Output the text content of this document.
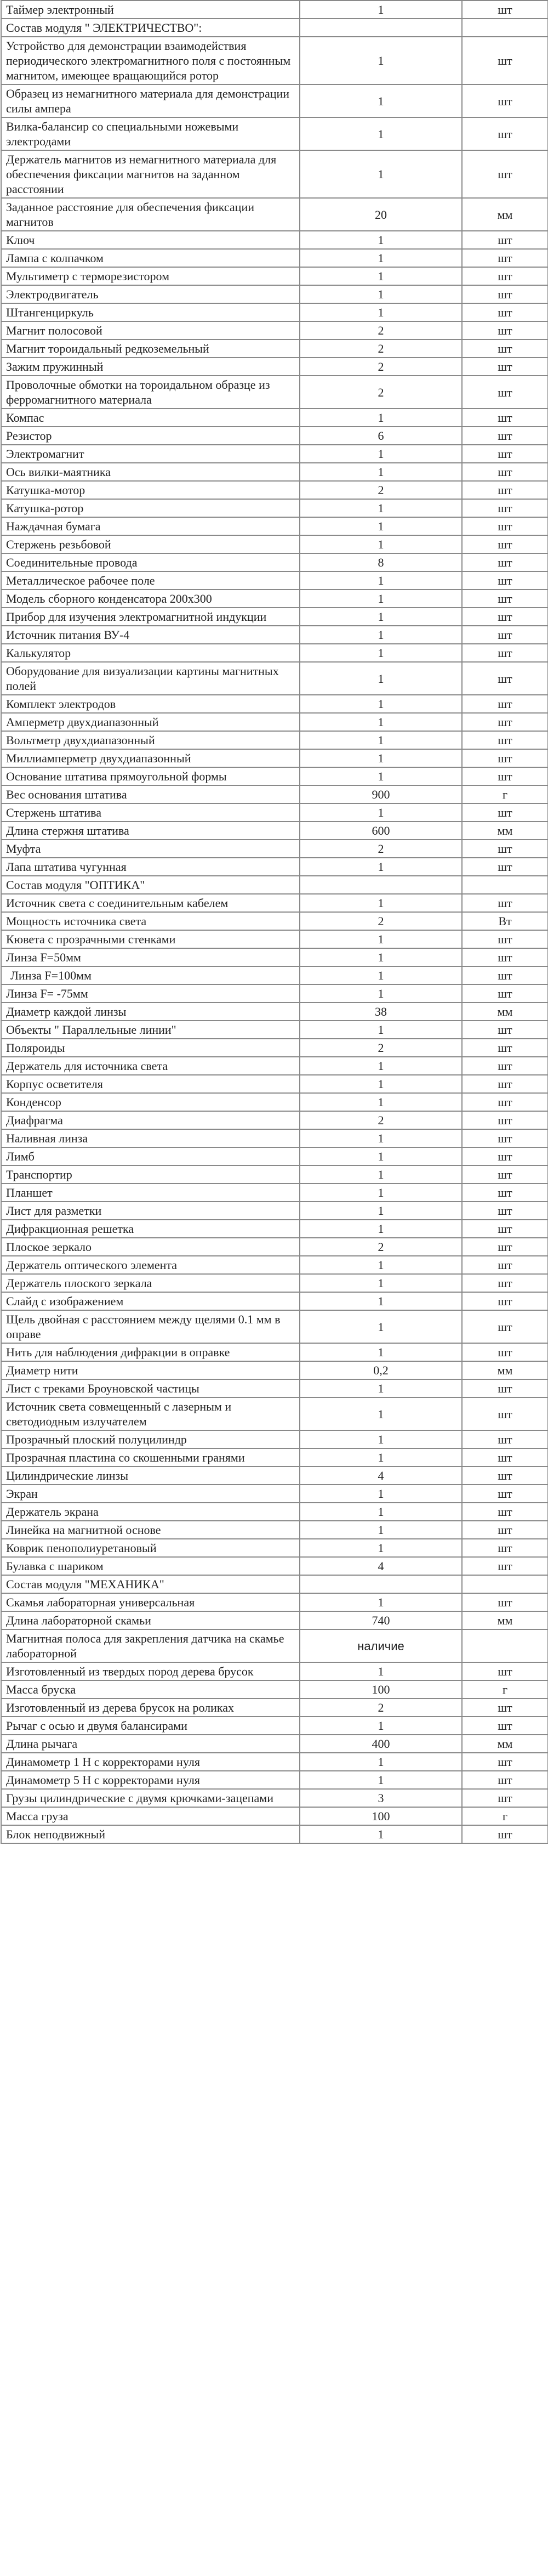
Таймер электронный	1	шт
Состав модуля " ЭЛЕКТРИЧЕСТВО":		
Устройство для демонстрации взаимодействия периодического электромагнитного поля с постоянным магнитом, имеющее вращающийся ротор	1	шт
Образец из немагнитного материала для демонстрации силы ампера	1	шт
Вилка-балансир со специальными ножевыми электродами	1	шт
Держатель магнитов из немагнитного материала для обеспечения фиксации магнитов на заданном расстоянии	1	шт
Заданное расстояние для обеспечения фиксации магнитов	20	мм
Ключ	1	шт
Лампа с колпачком	1	шт
Мультиметр с терморезистором	1	шт
Электродвигатель	1	шт
Штангенциркуль	1	шт
Магнит полосовой	2	шт
Магнит тороидальный редкоземельный	2	шт
Зажим пружинный	2	шт
Проволочные обмотки на тороидальном образце из ферромагнитного материала	2	шт
Компас	1	шт
Резистор	6	шт
Электромагнит	1	шт
Ось вилки-маятника	1	шт
Катушка-мотор	2	шт
Катушка-ротор	1	шт
Наждачная бумага	1	шт
Стержень резьбовой	1	шт
Соединительные провода	8	шт
Металлическое рабочее поле	1	шт
Модель сборного конденсатора 200х300	1	шт
Прибор для изучения электромагнитной индукции	1	шт
Источник питания ВУ-4	1	шт
Калькулятор	1	шт
Оборудование для визуализации картины магнитных полей	1	шт
Комплект электродов	1	шт
Амперметр двухдиапазонный	1	шт
Вольтметр двухдиапазонный	1	шт
Миллиамперметр двухдиапазонный	1	шт
Основание штатива прямоугольной формы	1	шт
Вес основания штатива	900	г
Стержень штатива	1	шт
Длина стержня штатива	600	мм
Муфта	2	шт
Лапа штатива чугунная	1	шт
Состав модуля "ОПТИКА"		
Источник света с соединительным кабелем	1	шт
Мощность источника света	2	Вт
Кювета с прозрачными стенками	1	шт
Линза F=50мм	1	шт
Линза F=100мм	1	шт
Линза F= -75мм	1	шт
Диаметр каждой линзы	38	мм
Объекты " Параллельные линии"	1	шт
Поляроиды	2	шт
Держатель для источника света	1	шт
Корпус осветителя	1	шт
Конденсор	1	шт
Диафрагма	2	шт
Наливная линза	1	шт
Лимб	1	шт
Транспортир	1	шт
Планшет	1	шт
Лист для разметки	1	шт
Дифракционная решетка	1	шт
Плоское зеркало	2	шт
Держатель оптического элемента	1	шт
Держатель плоского зеркала	1	шт
Слайд с изображением	1	шт
Щель двойная с расстоянием между щелями 0.1 мм в оправе	1	шт
Нить для наблюдения дифракции в оправке	1	шт
Диаметр нити	0,2	мм
Лист с треками Броуновской частицы	1	шт
Источник света совмещенный с лазерным и светодиодным излучателем	1	шт
Прозрачный плоский полуцилиндр	1	шт
Прозрачная пластина со скошенными гранями	1	шт
Цилиндрические линзы	4	шт
Экран	1	шт
Держатель экрана	1	шт
Линейка на магнитной основе	1	шт
Коврик пенополиуретановый	1	шт
Булавка с шариком	4	шт
Состав модуля "МЕХАНИКА"		
Скамья лабораторная универсальная	1	шт
Длина лабораторной скамьи	740	мм
Магнитная полоса для закрепления датчика на скамье лабораторной	наличие	
Изготовленный из твердых пород дерева брусок	1	шт
Масса бруска	100	г
Изготовленный из дерева брусок на роликах	2	шт
Рычаг с осью и двумя балансирами	1	шт
Длина рычага	400	мм
Динамометр 1 Н с корректорами нуля	1	шт
Динамометр 5 Н с корректорами нуля	1	шт
Грузы цилиндрические с двумя крючками-зацепами	3	шт
Масса груза	100	г
Блок неподвижный	1	шт
